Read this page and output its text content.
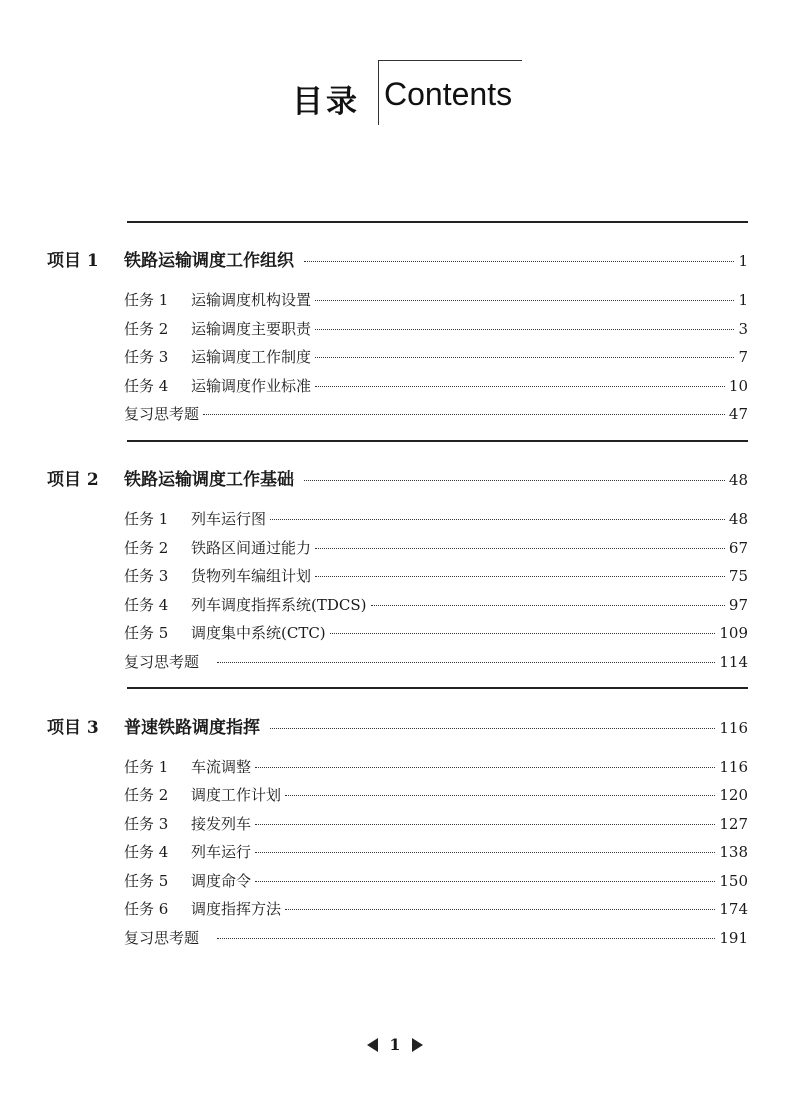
目录 Contents
项目 1	铁路运输调度工作组织	1
任务 1	运输调度机构设置	1
任务 2	运输调度主要职责	3
任务 3	运输调度工作制度	7
任务 4	运输调度作业标准	10
复习思考题	47
项目 2	铁路运输调度工作基础	48
任务 1	列车运行图	48
任务 2	铁路区间通过能力	67
任务 3	货物列车编组计划	75
任务 4	列车调度指挥系统(TDCS)	97
任务 5	调度集中系统(CTC)	109
复习思考题	114
项目 3	普速铁路调度指挥	116
任务 1	车流调整	116
任务 2	调度工作计划	120
任务 3	接发列车	127
任务 4	列车运行	138
任务 5	调度命令	150
任务 6	调度指挥方法	174
复习思考题	191
1
